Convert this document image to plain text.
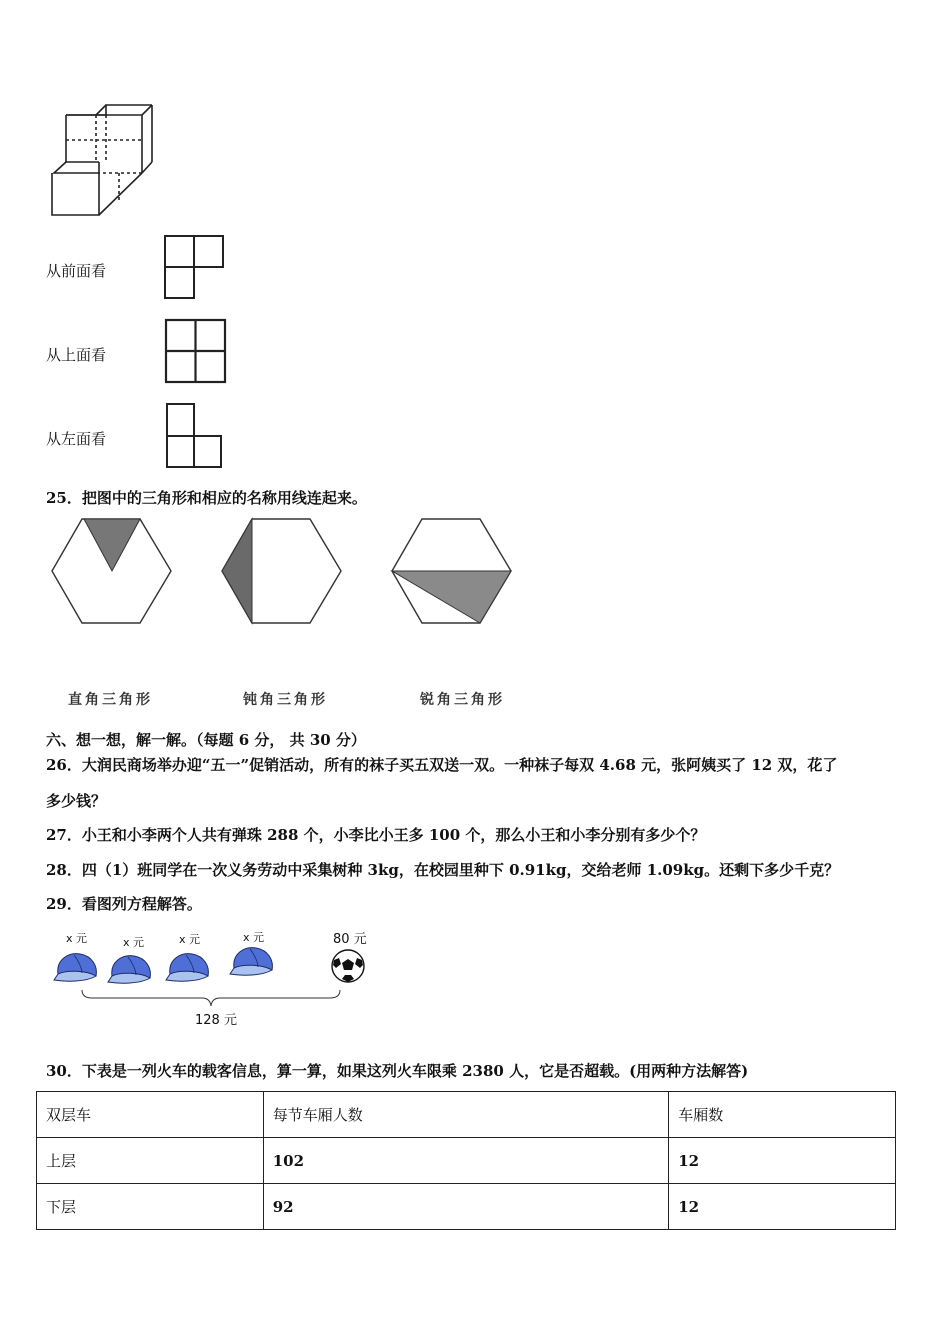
从前面看
从上面看
从左面看
25．把图中的三角形和相应的名称用线连起来。
直角三角形	钝角三角形	锐角三角形
六、想一想，解一解。（每题 6 分， 共 30 分）
26．大润民商场举办迎“五一”促销活动，所有的袜子买五双送一双。一种袜子每双 4.68 元，张阿姨买了 12 双，花了
多少钱？
27．小王和小李两个人共有弹珠 288 个，小李比小王多 100 个，那么小王和小李分别有多少个？
28．四（1）班同学在一次义务劳动中采集树种 3kg，在校园里种下 0.91kg，交给老师 1.09kg。还剩下多少千克？
29．看图列方程解答。
x 元	x 元	x 元	x 元	80 元
128 元
30．下表是一列火车的载客信息，算一算，如果这列火车限乘 2380 人，它是否超载。(用两种方法解答)
双层车	每节车厢人数	车厢数
上层	102	12
下层	92	12
